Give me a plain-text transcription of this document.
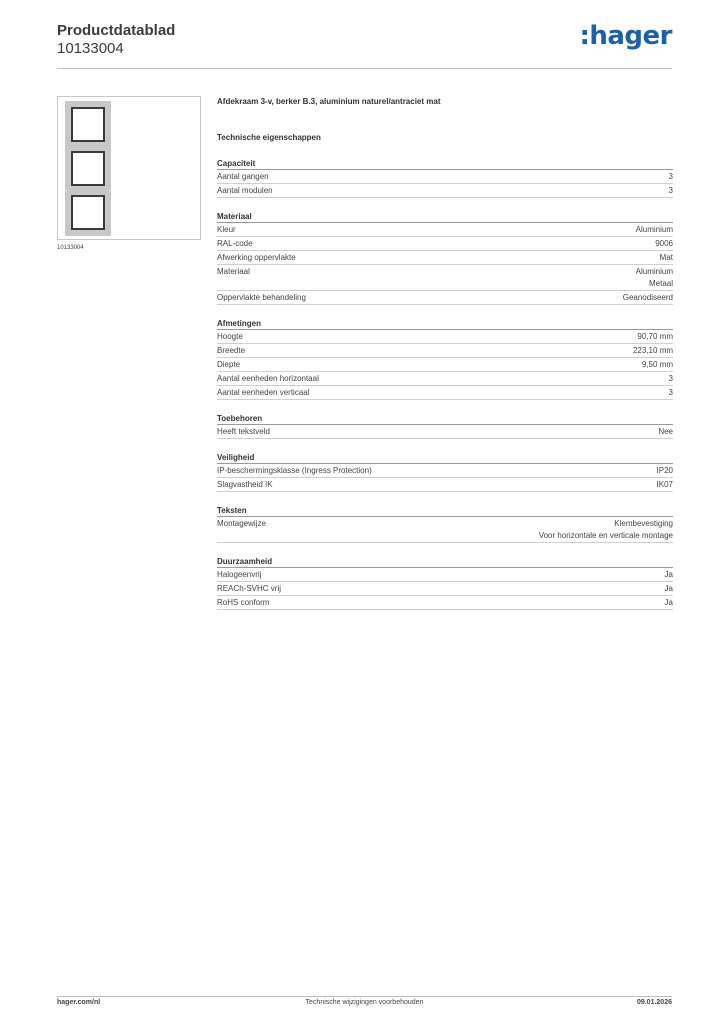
Productdatablad
10133004	:hager
10133004
Afdekraam 3-v, berker B.3, aluminium naturel/antraciet mat
Technische eigenschappen
Capaciteit
Aantal gangen	3
Aantal modulen	3
Materiaal
Kleur	Aluminium
RAL-code	9006
Afwerking oppervlakte	Mat
Materiaal	Aluminium
Metaal
Oppervlakte behandeling	Geanodiseerd
Afmetingen
Hoogte	90,70 mm
Breedte	223,10 mm
Diepte	9,50 mm
Aantal eenheden horizontaal	3
Aantal eenheden verticaal	3
Toebehoren
Heeft tekstveld	Nee
Veiligheid
IP-beschermingsklasse (Ingress Protection)	IP20
Slagvastheid IK	IK07
Teksten
Montagewijze	Klembevestiging
Voor horizontale en verticale montage
Duurzaamheid
Halogeenvrij	Ja
REACh-SVHC vrij	Ja
RoHS conform	Ja
hager.com/nl	Technische wijzigingen voorbehouden	09.01.2026
